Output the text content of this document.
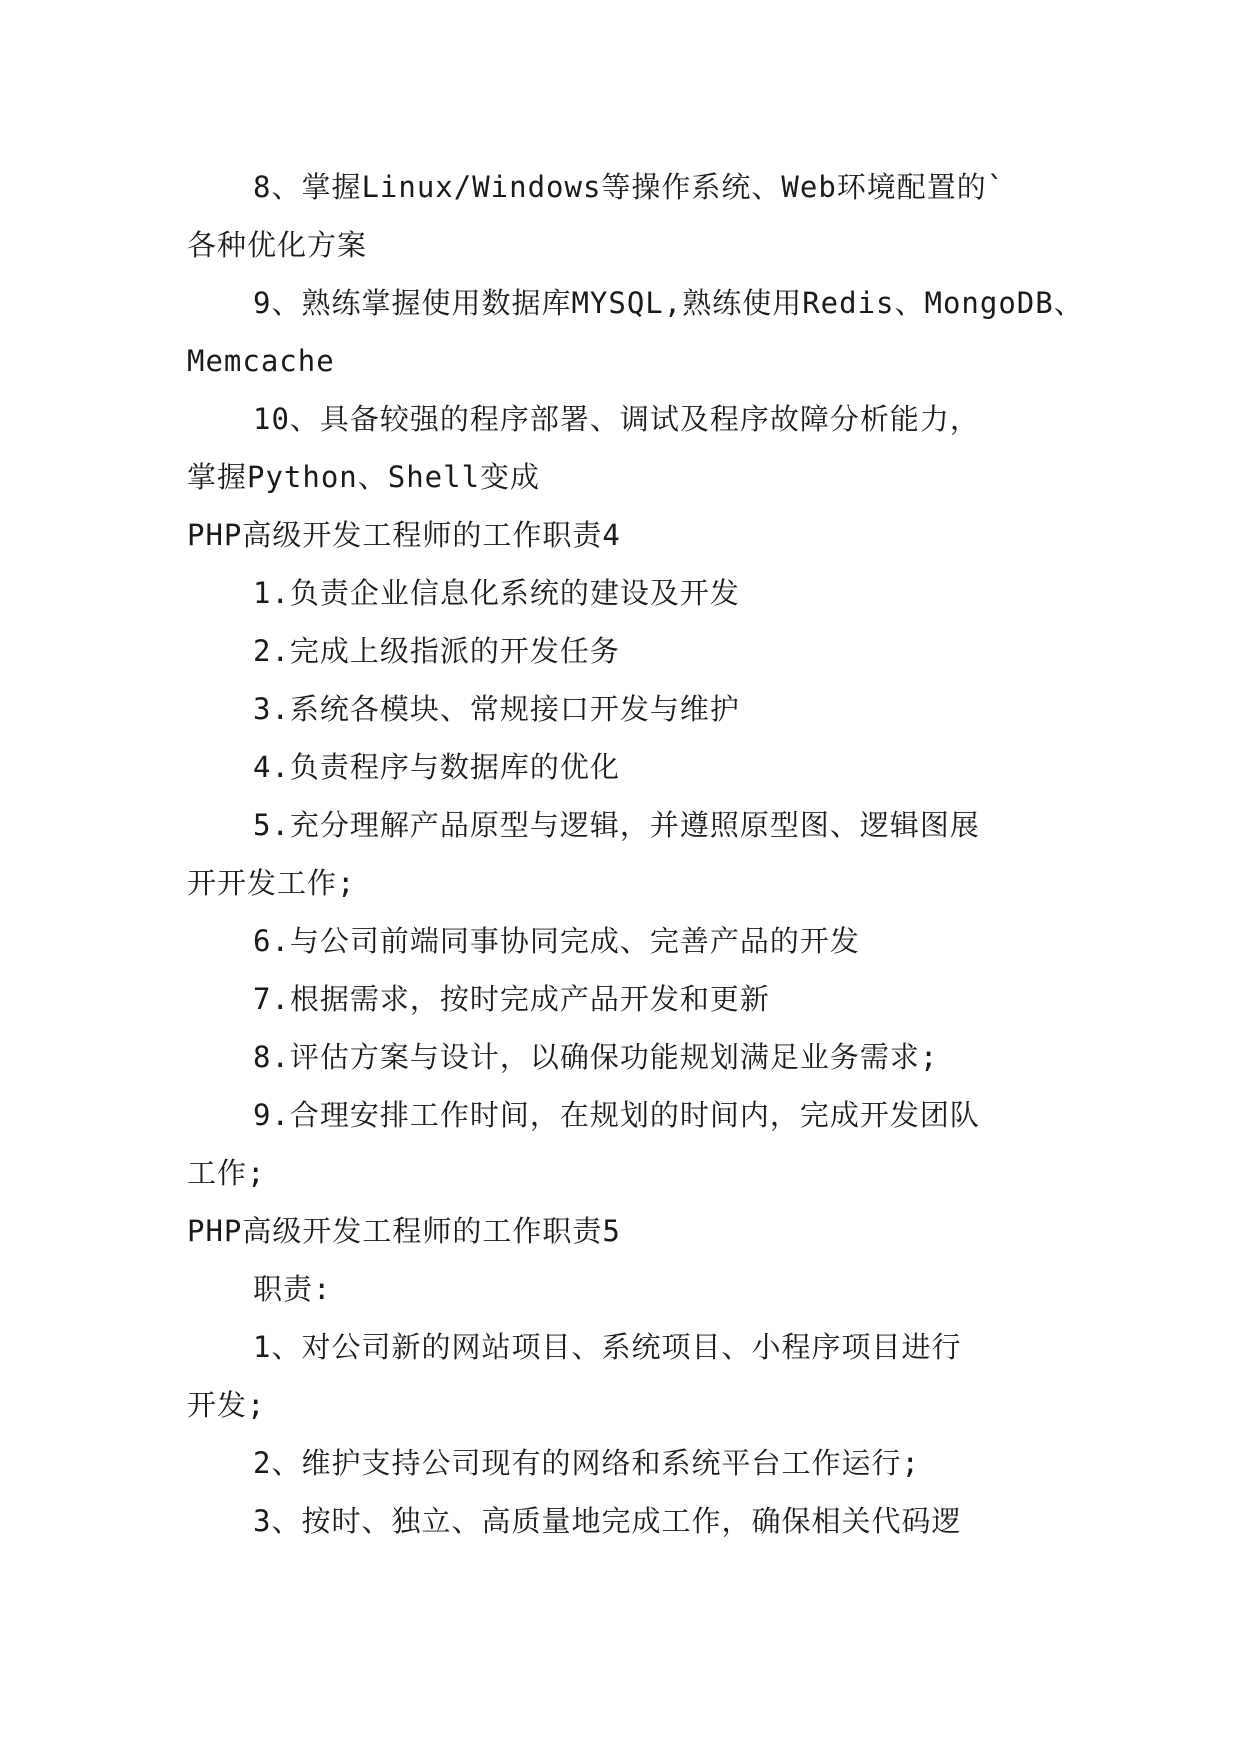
8、掌握Linux/Windows等操作系统、Web环境配置的`
各种优化方案
9、熟练掌握使用数据库MYSQL,熟练使用Redis、MongoDB、
Memcache
10、具备较强的程序部署、调试及程序故障分析能力，
掌握Python、Shell变成
PHP高级开发工程师的工作职责4
1.负责企业信息化系统的建设及开发
2.完成上级指派的开发任务
3.系统各模块、常规接口开发与维护
4.负责程序与数据库的优化
5.充分理解产品原型与逻辑，并遵照原型图、逻辑图展
开开发工作;
6.与公司前端同事协同完成、完善产品的开发
7.根据需求，按时完成产品开发和更新
8.评估方案与设计，以确保功能规划满足业务需求;
9.合理安排工作时间，在规划的时间内，完成开发团队
工作;
PHP高级开发工程师的工作职责5
职责:
1、对公司新的网站项目、系统项目、小程序项目进行
开发;
2、维护支持公司现有的网络和系统平台工作运行;
3、按时、独立、高质量地完成工作，确保相关代码逻
